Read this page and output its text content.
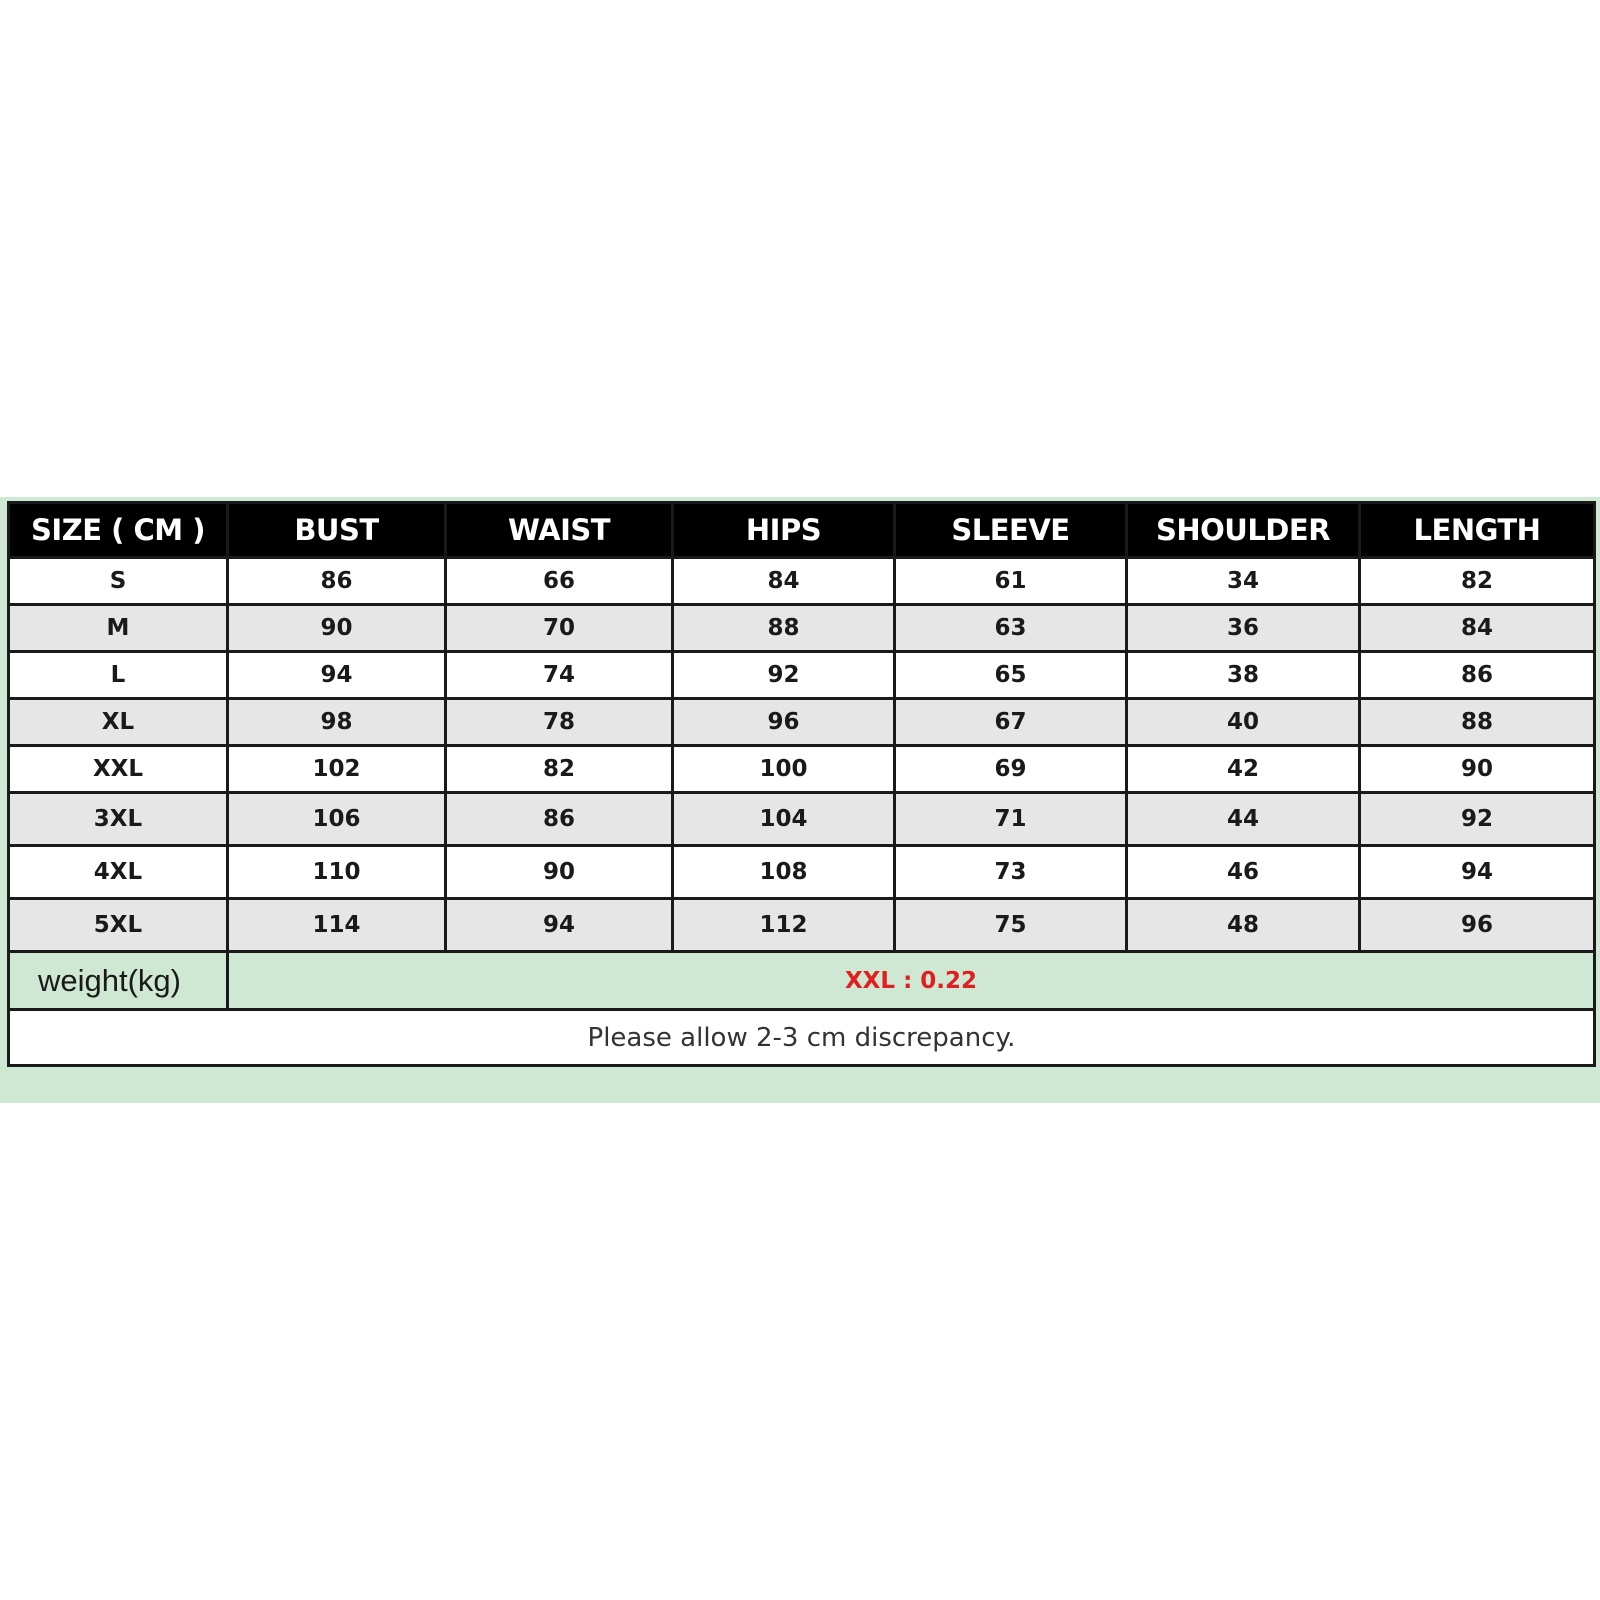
SIZE ( CM )	BUST	WAIST	HIPS	SLEEVE	SHOULDER	LENGTH
S	86	66	84	61	34	82
M	90	70	88	63	36	84
L	94	74	92	65	38	86
XL	98	78	96	67	40	88
XXL	102	82	100	69	42	90
3XL	106	86	104	71	44	92
4XL	110	90	108	73	46	94
5XL	114	94	112	75	48	96
weight(kg)	XXL : 0.22					
Please allow 2-3 cm discrepancy.						
